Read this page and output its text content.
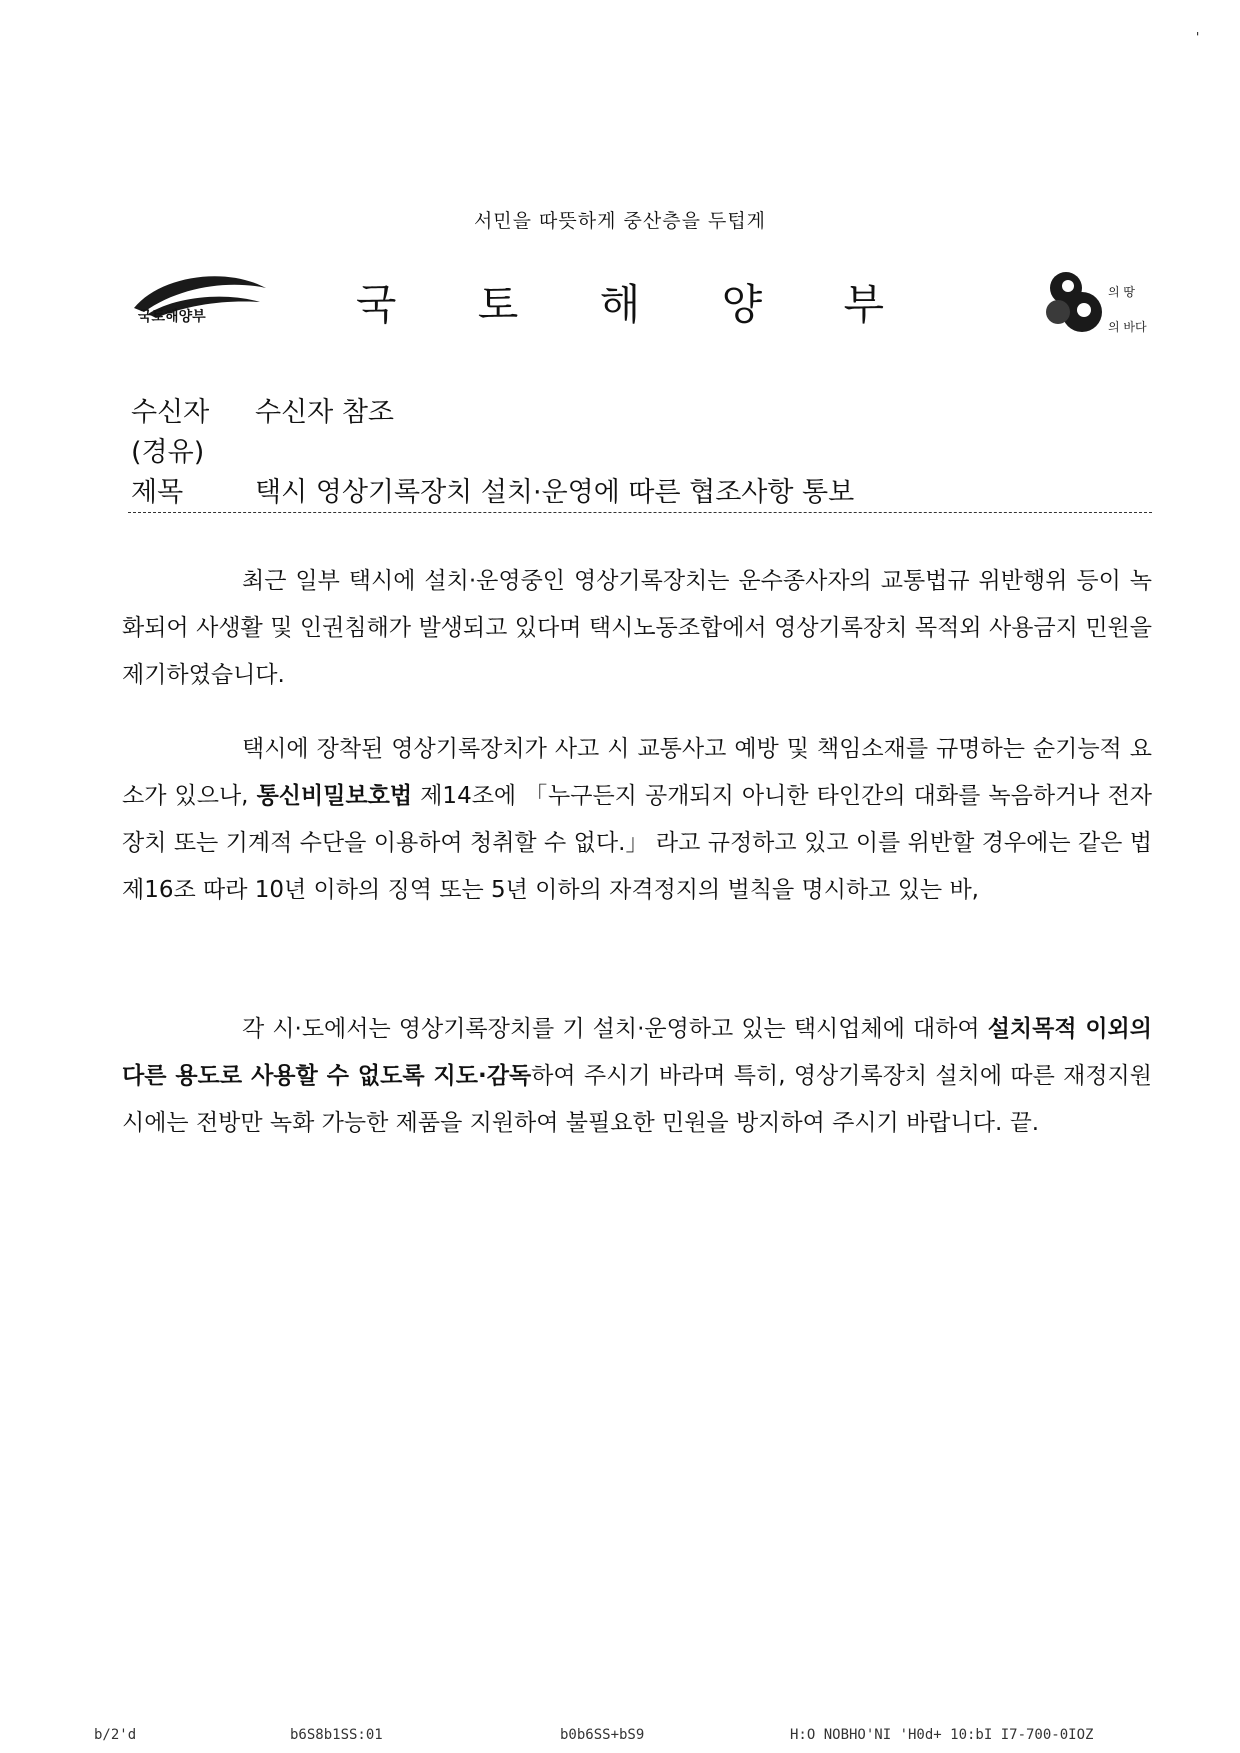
'
서민을 따뜻하게 중산층을 두텁게
국토해양부	국 토 해 양 부	의 땅
의 바다
수신자 수신자 참조
(경유)
제목	택시 영상기록장치 설치·운영에 따른 협조사항 통보
최근 일부 택시에 설치·운영중인 영상기록장치는 운수종사자의 교통법규 위반행위 등이 녹화되어 사생활 및 인권침해가 발생되고 있다며 택시노동조합에서 영상기록장치 목적외 사용금지 민원을 제기하였습니다.
택시에 장착된 영상기록장치가 사고 시 교통사고 예방 및 책임소재를 규명하는 순기능적 요소가 있으나, 통신비밀보호법 제14조에 「누구든지 공개되지 아니한 타인간의 대화를 녹음하거나 전자장치 또는 기계적 수단을 이용하여 청취할 수 없다.」 라고 규정하고 있고 이를 위반할 경우에는 같은 법 제16조 따라 10년 이하의 징역 또는 5년 이하의 자격정지의 벌칙을 명시하고 있는 바,
각 시·도에서는 영상기록장치를 기 설치·운영하고 있는 택시업체에 대하여 설치목적 이외의 다른 용도로 사용할 수 없도록 지도·감독하여 주시기 바라며 특히, 영상기록장치 설치에 따른 재정지원시에는 전방만 녹화 가능한 제품을 지원하여 불필요한 민원을 방지하여 주시기 바랍니다. 끝.
b/2'd	b6S8b1SS:01	b0b6SS+bS9	H:O NOBHO'NI 'H0d+ 10:bI I7-700-0IOZ
